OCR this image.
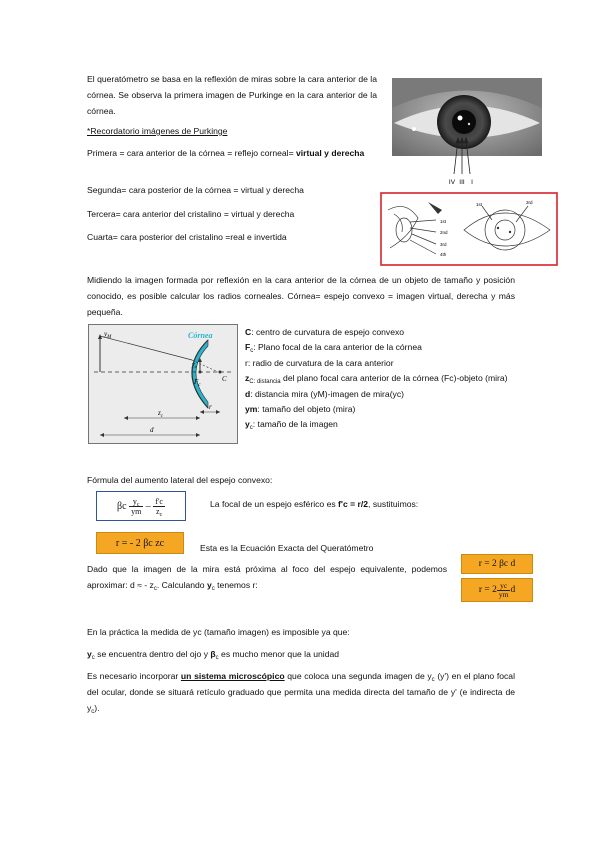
El queratómetro se basa en la reflexión de miras sobre la cara anterior de la córnea. Se observa la primera imagen de Purkinge en la cara anterior de la córnea.
*Recordatorio imágenes de Purkinge
Primera = cara anterior de la córnea = reflejo corneal= virtual y derecha
Segunda= cara posterior de la córnea = virtual y derecha
Tercera= cara anterior del cristalino = virtual y derecha
Cuarta= cara posterior del cristalino =real e invertida
IV III I
1st
2nd
3rd
4th
1st	3rd
Midiendo la imagen formada por reflexión en la cara anterior de la córnea de un objeto de tamaño y posición conocido, es posible calcular los radios corneales. Córnea= espejo convexo = imagen virtual, derecha y más pequeña.
Córnea
$y_M$
$y_c$
$F_c$
C
$z_c$
r
d
C: centro de curvatura de espejo convexo
$F_c$: Plano focal de la cara anterior de la córnea
r: radio de curvatura de la cara anterior
$z_{C: distancia}$ del plano focal cara anterior de la córnea (Fc)-objeto (mira)
d: distancia mira (yM)-imagen de mira(yc)
ym: tamaño del objeto (mira)
$y_c$: tamaño de la imagen
Fórmula del aumento lateral del espejo convexo:
βc
$\frac{y_c}{ym}$
–
$\frac{f'c}{z_c}$	La focal de un espejo esférico es f'c = r/2, sustituimos:
r = - 2 βc zc	Esta es la Ecuación Exacta del Queratómetro
Dado que la imagen de la mira está próxima al foco del espejo equivalente, podemos aproximar: d ≈ - $z_c$. Calculando $y_c$ tenemos r:
r = 2 βc d
$r = 2 \frac{yc}{ym}$ d
En la práctica la medida de yc (tamaño imagen) es imposible ya que:
$y_c$ se encuentra dentro del ojo y $\beta_c$ es mucho menor que la unidad
Es necesario incorporar un sistema microscópico que coloca una segunda imagen de $y_c$ (y') en el plano focal del ocular, donde se situará retículo graduado que permita una medida directa del tamaño de y' (e indirecta de $y_c$).
